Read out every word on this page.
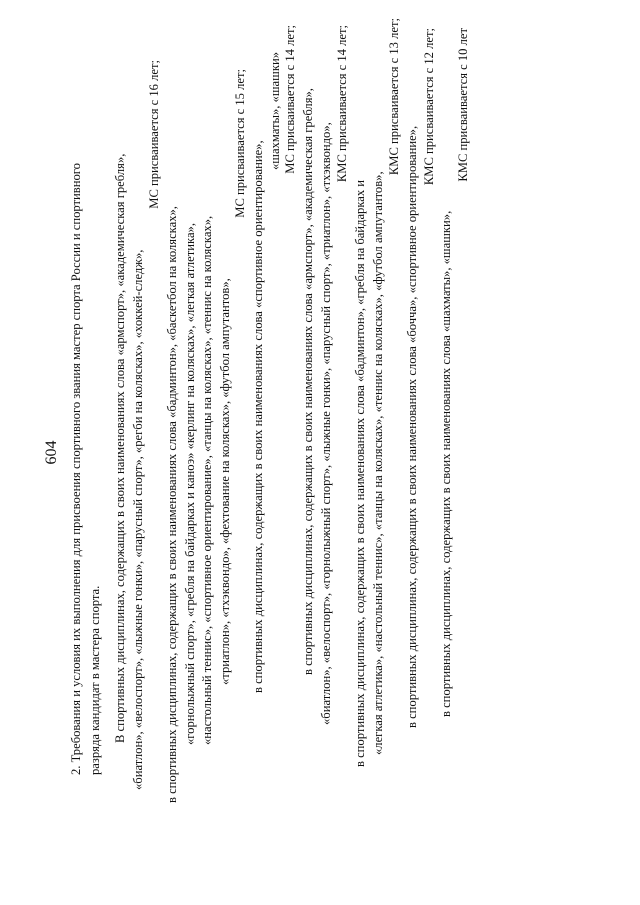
604 2. Требования и условия их выполнения для присвоения спортивного звания мастер спорта России и спортивного разряда кандидат в мастера спорта. В спортивных дисциплинах, содержащих в своих наименованиях слова «армспорт», «академическая гребля», «биатлон», «велоспорт», «лыжные гонки», «парусный спорт», «регби на колясках», «хоккей-следж»,
МС присваивается с 16 лет;
в спортивных дисциплинах, содержащих в своих наименованиях слова «бадминтон», «баскетбол на колясках», «горнолыжный спорт», «гребля на байдарках и каноэ» «керлинг на колясках», «легкая атлетика», «настольный теннис», «спортивное ориентирование», «танцы на колясках», «теннис на колясках», «триатлон», «тхэквондо», «фехтование на колясках», «футбол ампутантов»,
МС присваивается с 15 лет; в спортивных дисциплинах, содержащих в своих наименованиях слова «спортивное ориентирование»,
«шахматы», «шашки» МС присваивается с 14 лет; в спортивных дисциплинах, содержащих в своих наименованиях слова «армспорт», «академическая гребля», «биатлон», «велоспорт», «горнолыжный спорт», «лыжные гонки», «парусный спорт», «триатлон», «тхэквондо»,
КМС присваивается с 14 лет;
в спортивных дисциплинах, содержащих в своих наименованиях слова «бадминтон», «гребля на байдарках и «легкая атлетика», «настольный теннис», «танцы на колясках», «теннис на колясках», «футбол ампутантов»,
КМС присваивается с 13 лет;
в спортивных дисциплинах, содержащих в своих наименованиях слова «бочча», «спортивное ориентирование»,
КМС присваивается с 12 лет;
в спортивных дисциплинах, содержащих в своих наименованиях слова «шахматы», «шашки»,
КМС присваивается с 10 лет
